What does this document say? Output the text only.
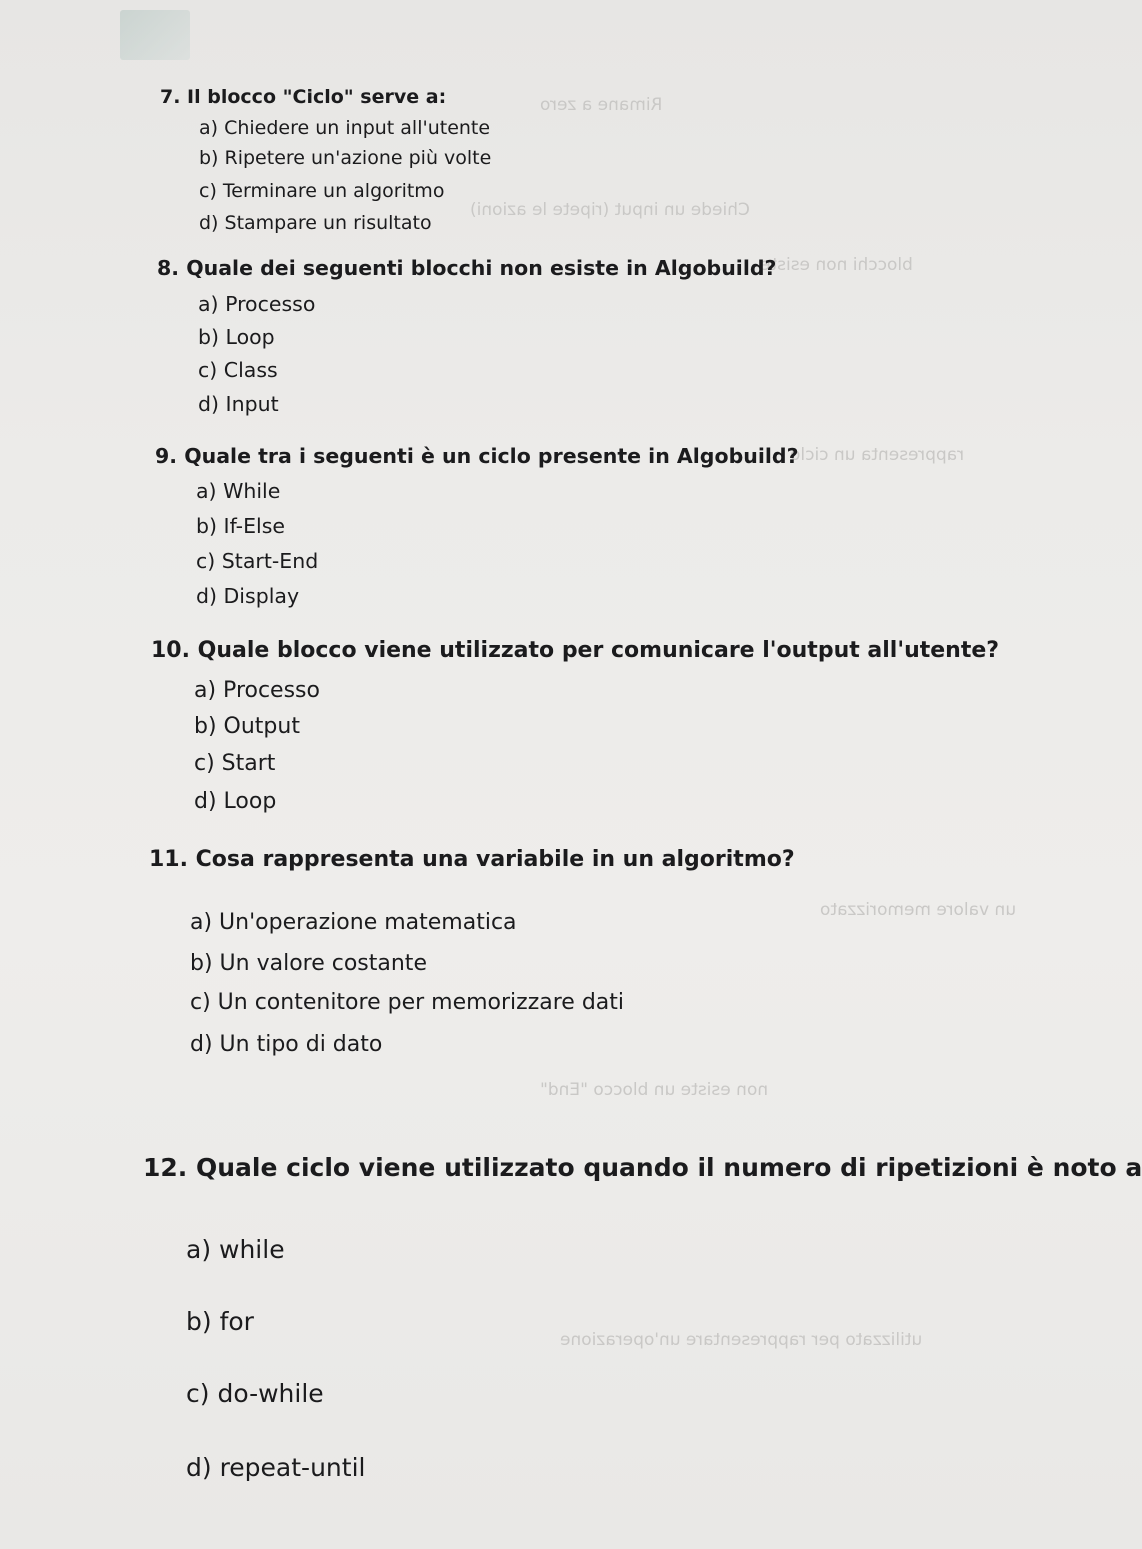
Rimane a zero
Chiede un input (ripete le azioni)
blocchi non esiste
rappresenta un ciclo
un valore memorizzato
non esiste un blocco "End"
utilizzato per rappresentare un'operazione
7. Il blocco "Ciclo" serve a:
a) Chiedere un input all'utente
b) Ripetere un'azione più volte
c) Terminare un algoritmo
d) Stampare un risultato
8. Quale dei seguenti blocchi non esiste in Algobuild?
a) Processo
b) Loop
c) Class
d) Input
9. Quale tra i seguenti è un ciclo presente in Algobuild?
a) While
b) If-Else
c) Start-End
d) Display
10. Quale blocco viene utilizzato per comunicare l'output all'utente?
a) Processo
b) Output
c) Start
d) Loop
11. Cosa rappresenta una variabile in un algoritmo?
a) Un'operazione matematica
b) Un valore costante
c) Un contenitore per memorizzare dati
d) Un tipo di dato
12. Quale ciclo viene utilizzato quando il numero di ripetizioni è noto a
a) while
b) for
c) do-while
d) repeat-until
